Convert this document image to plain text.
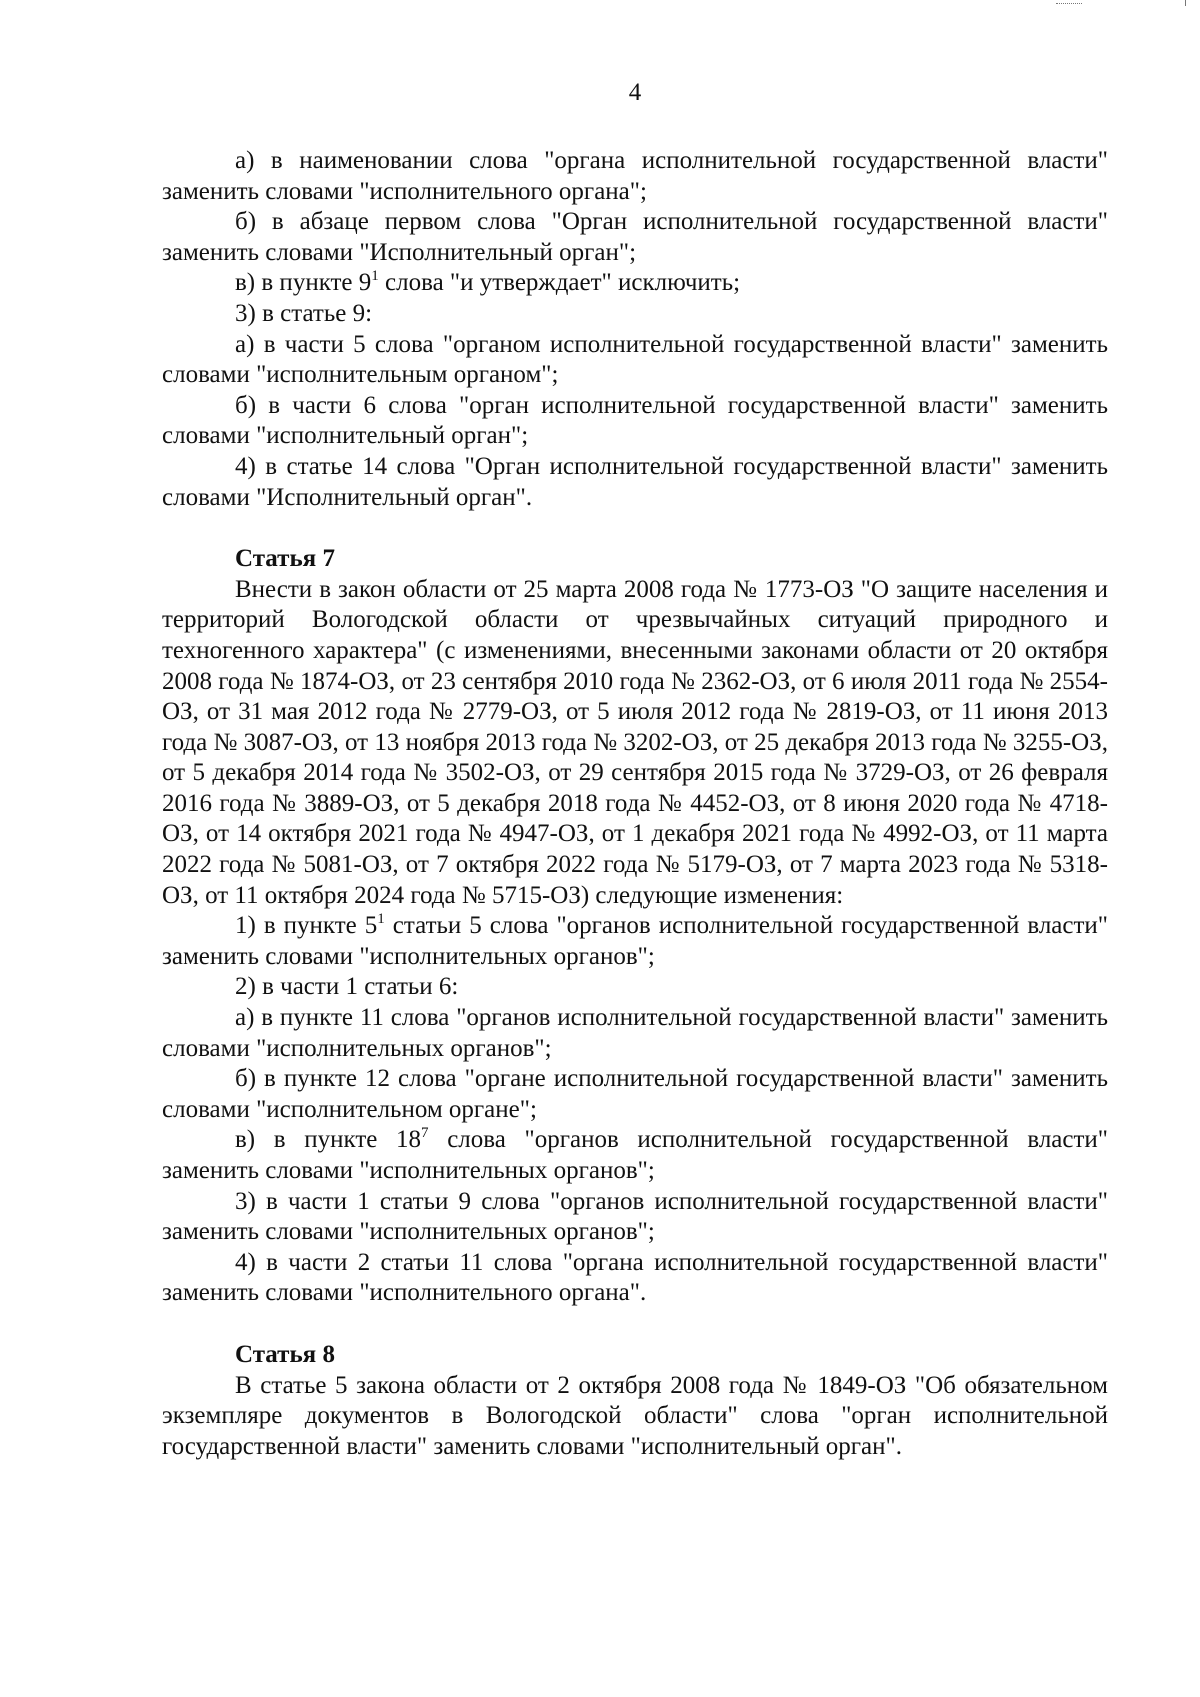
4

а) в наименовании слова "органа исполнительной государственной власти" заменить словами "исполнительного органа";

б) в абзаце первом слова "Орган исполнительной государственной власти" заменить словами "Исполнительный орган";

в) в пункте $9^1$ слова "и утверждает" исключить;

3) в статье 9:

а) в части 5 слова "органом исполнительной государственной власти" заменить словами "исполнительным органом";

б) в части 6 слова "орган исполнительной государственной власти" заменить словами "исполнительный орган";

4) в статье 14 слова "Орган исполнительной государственной власти" заменить словами "Исполнительный орган".

Статья 7

Внести в закон области от 25 марта 2008 года № 1773-ОЗ "О защите населения и территорий Вологодской области от чрезвычайных ситуаций природного и техногенного характера" (с изменениями, внесенными законами области от 20 октября 2008 года № 1874-ОЗ, от 23 сентября 2010 года № 2362-ОЗ, от 6 июля 2011 года № 2554-ОЗ, от 31 мая 2012 года № 2779-ОЗ, от 5 июля 2012 года № 2819-ОЗ, от 11 июня 2013 года № 3087-ОЗ, от 13 ноября 2013 года № 3202-ОЗ, от 25 декабря 2013 года № 3255-ОЗ, от 5 декабря 2014 года № 3502-ОЗ, от 29 сентября 2015 года № 3729-ОЗ, от 26 февраля 2016 года № 3889-ОЗ, от 5 декабря 2018 года № 4452-ОЗ, от 8 июня 2020 года № 4718-ОЗ, от 14 октября 2021 года № 4947-ОЗ, от 1 декабря 2021 года № 4992-ОЗ, от 11 марта 2022 года № 5081-ОЗ, от 7 октября 2022 года № 5179-ОЗ, от 7 марта 2023 года № 5318-ОЗ, от 11 октября 2024 года № 5715-ОЗ) следующие изменения:

1) в пункте $5^1$ статьи 5 слова "органов исполнительной государственной власти" заменить словами "исполнительных органов";

2) в части 1 статьи 6:

а) в пункте 11 слова "органов исполнительной государственной власти" заменить словами "исполнительных органов";

б) в пункте 12 слова "органе исполнительной государственной власти" заменить словами "исполнительном органе";

в) в пункте $18^7$ слова "органов исполнительной государственной власти" заменить словами "исполнительных органов";

3) в части 1 статьи 9 слова "органов исполнительной государственной власти" заменить словами "исполнительных органов";

4) в части 2 статьи 11 слова "органа исполнительной государственной власти" заменить словами "исполнительного органа".

Статья 8

В статье 5 закона области от 2 октября 2008 года № 1849-ОЗ "Об обязательном экземпляре документов в Вологодской области" слова "орган исполнительной государственной власти" заменить словами "исполнительный орган".
